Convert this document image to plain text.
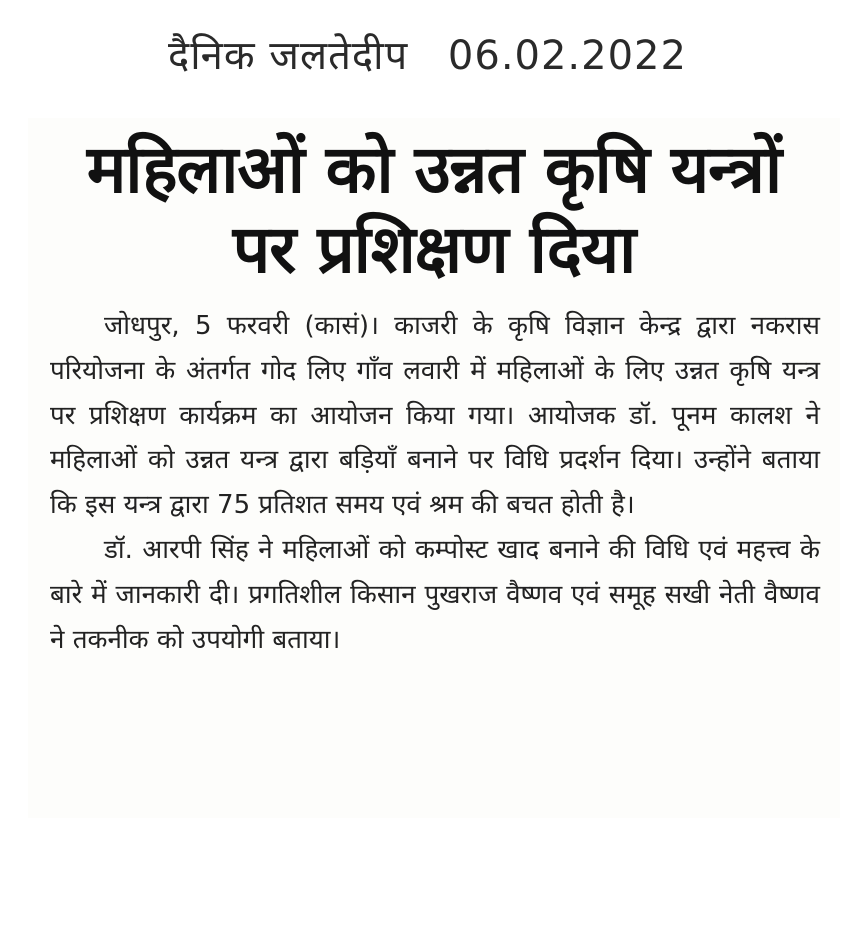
दैनिक जलतेदीप 06.02.2022
महिलाओं को उन्नत कृषि यन्त्रों
पर प्रशिक्षण दिया

जोधपुर, 5 फरवरी (कासं)। काजरी के कृषि विज्ञान केन्द्र द्वारा नकरास परियोजना के अंतर्गत गोद लिए गाँव लवारी में महिलाओं के लिए उन्नत कृषि यन्त्र पर प्रशिक्षण कार्यक्रम का आयोजन किया गया। आयोजक डॉ. पूनम कालश ने महिलाओं को उन्नत यन्त्र द्वारा बड़ियाँ बनाने पर विधि प्रदर्शन दिया। उन्होंने बताया कि इस यन्त्र द्वारा 75 प्रतिशत समय एवं श्रम की बचत होती है।

डॉ. आरपी सिंह ने महिलाओं को कम्पोस्ट खाद बनाने की विधि एवं महत्त्व के बारे में जानकारी दी। प्रगतिशील किसान पुखराज वैष्णव एवं समूह सखी नेती वैष्णव ने तकनीक को उपयोगी बताया।
